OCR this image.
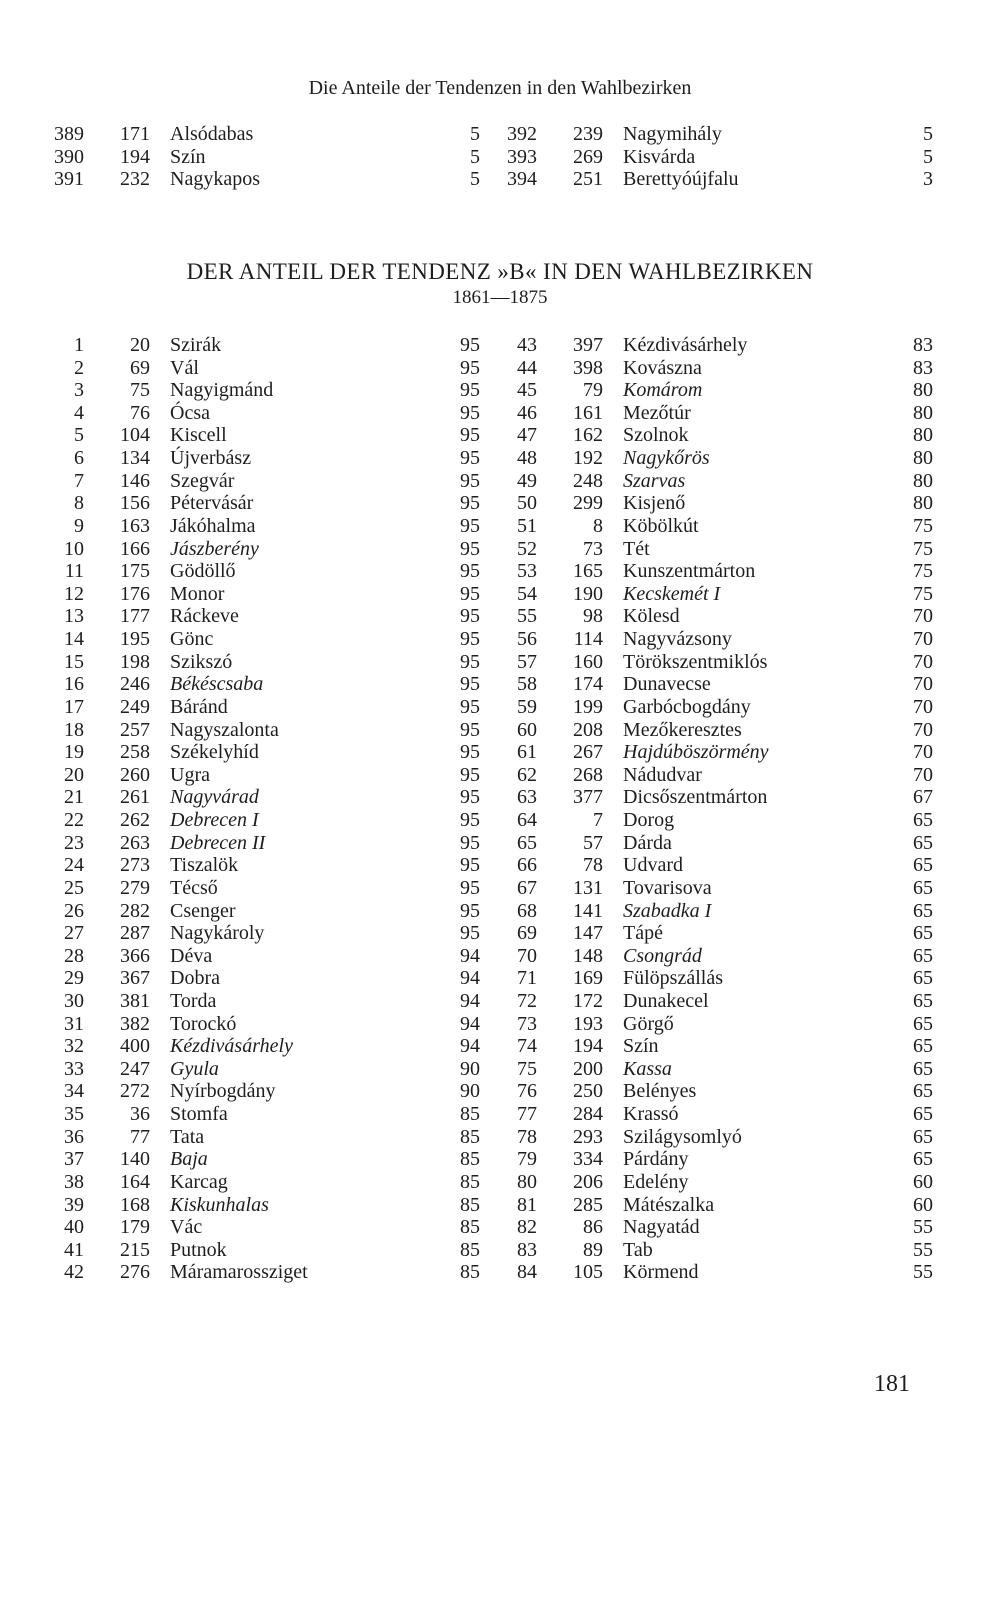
Die Anteile der Tendenzen in den Wahlbezirken
389	171 Alsódabas	5
390	194 Szín	5
391	232 Nagykapos	5
392	239 Nagymihály	5
393	269 Kisvárda	5
394	251 Berettyóújfalu	3
DER ANTEIL DER TENDENZ »B« IN DEN WAHLBEZIRKEN
1861—1875
1	20 Szirák	95
2	69 Vál	95
3	75 Nagyigmánd	95
4	76 Ócsa	95
5	104 Kiscell	95
6	134 Újverbász	95
7	146 Szegvár	95
8	156 Pétervásár	95
9	163 Jákóhalma	95
10	166 Jászberény	95
11	175 Gödöllő	95
12	176 Monor	95
13	177 Ráckeve	95
14	195 Gönc	95
15	198 Szikszó	95
16	246 Békéscsaba	95
17	249 Báránd	95
18	257 Nagyszalonta	95
19	258 Székelyhíd	95
20	260 Ugra	95
21	261 Nagyvárad	95
22	262 Debrecen I	95
23	263 Debrecen II	95
24	273 Tiszalök	95
25	279 Técső	95
26	282 Csenger	95
27	287 Nagykároly	95
28	366 Déva	94
29	367 Dobra	94
30	381 Torda	94
31	382 Torockó	94
32	400 Kézdivásárhely	94
33	247 Gyula	90
34	272 Nyírbogdány	90
35	36 Stomfa	85
36	77 Tata	85
37	140 Baja	85
38	164 Karcag	85
39	168 Kiskunhalas	85
40	179 Vác	85
41	215 Putnok	85
42	276 Máramarossziget	85
43	397 Kézdivásárhely	83
44	398 Kovászna	83
45	79 Komárom	80
46	161 Mezőtúr	80
47	162 Szolnok	80
48	192 Nagykőrös	80
49	248 Szarvas	80
50	299 Kisjenő	80
51	8 Köbölkút	75
52	73 Tét	75
53	165 Kunszentmárton	75
54	190 Kecskemét I	75
55	98 Kölesd	70
56	114 Nagyvázsony	70
57	160 Törökszentmiklós	70
58	174 Dunavecse	70
59	199 Garbócbogdány	70
60	208 Mezőkeresztes	70
61	267 Hajdúböszörmény	70
62	268 Nádudvar	70
63	377 Dicsőszentmárton	67
64	7 Dorog	65
65	57 Dárda	65
66	78 Udvard	65
67	131 Tovarisova	65
68	141 Szabadka I	65
69	147 Tápé	65
70	148 Csongrád	65
71	169 Fülöpszállás	65
72	172 Dunakecel	65
73	193 Görgő	65
74	194 Szín	65
75	200 Kassa	65
76	250 Belényes	65
77	284 Krassó	65
78	293 Szilágysomlyó	65
79	334 Párdány	65
80	206 Edelény	60
81	285 Mátészalka	60
82	86 Nagyatád	55
83	89 Tab	55
84	105 Körmend	55
181
